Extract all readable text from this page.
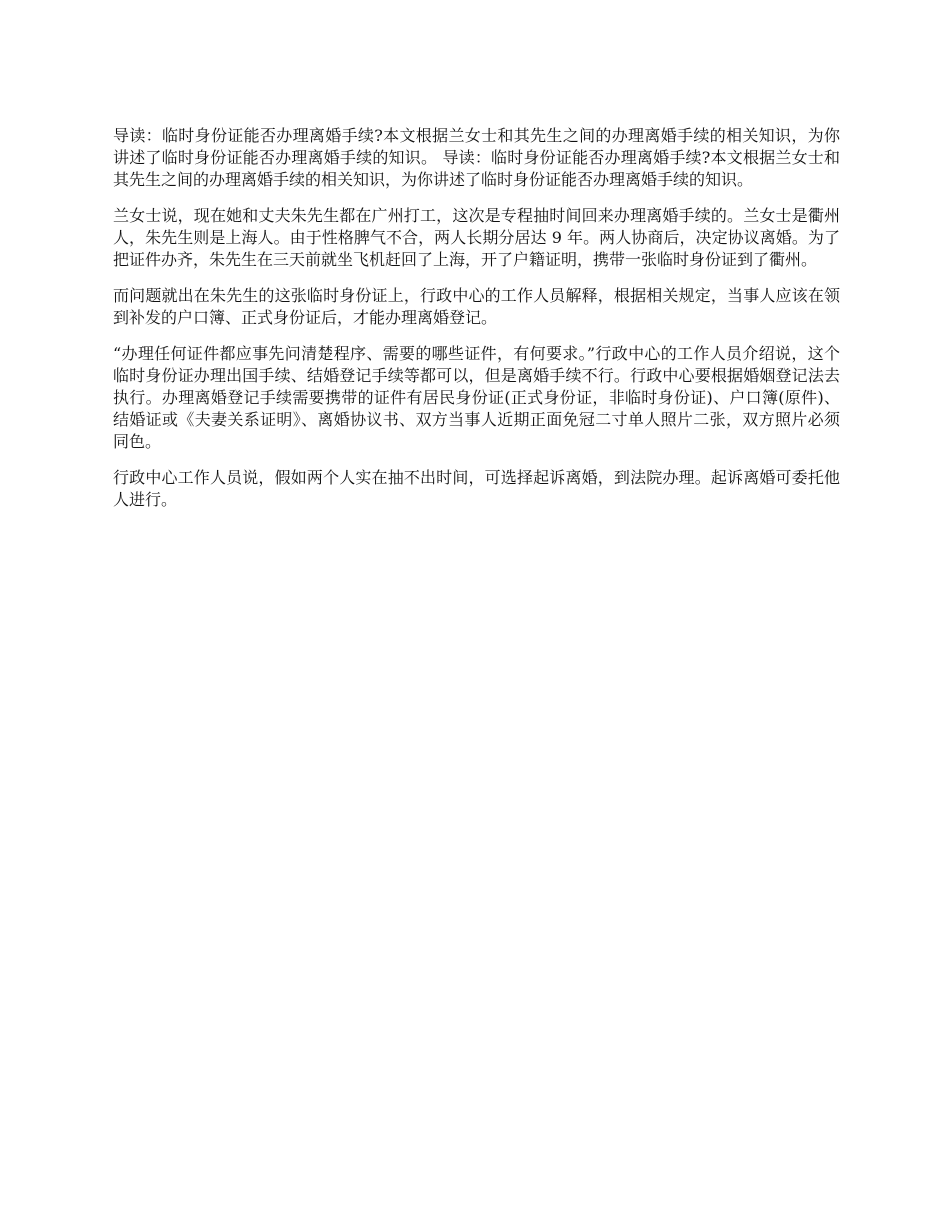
导读：临时身份证能否办理离婚手续?本文根据兰女士和其先生之间的办理离婚手续的相关知识，为你讲述了临时身份证能否办理离婚手续的知识。 导读：临时身份证能否办理离婚手续?本文根据兰女士和其先生之间的办理离婚手续的相关知识，为你讲述了临时身份证能否办理离婚手续的知识。

兰女士说，现在她和丈夫朱先生都在广州打工，这次是专程抽时间回来办理离婚手续的。兰女士是衢州人，朱先生则是上海人。由于性格脾气不合，两人长期分居达 9 年。两人协商后，决定协议离婚。为了把证件办齐，朱先生在三天前就坐飞机赶回了上海，开了户籍证明，携带一张临时身份证到了衢州。

而问题就出在朱先生的这张临时身份证上，行政中心的工作人员解释，根据相关规定，当事人应该在领到补发的户口簿、正式身份证后，才能办理离婚登记。

“办理任何证件都应事先问清楚程序、需要的哪些证件，有何要求。”行政中心的工作人员介绍说，这个临时身份证办理出国手续、结婚登记手续等都可以，但是离婚手续不行。行政中心要根据婚姻登记法去执行。办理离婚登记手续需要携带的证件有居民身份证(正式身份证，非临时身份证)、户口簿(原件)、结婚证或《夫妻关系证明》、离婚协议书、双方当事人近期正面免冠二寸单人照片二张，双方照片必须同色。

行政中心工作人员说，假如两个人实在抽不出时间，可选择起诉离婚，到法院办理。起诉离婚可委托他人进行。
